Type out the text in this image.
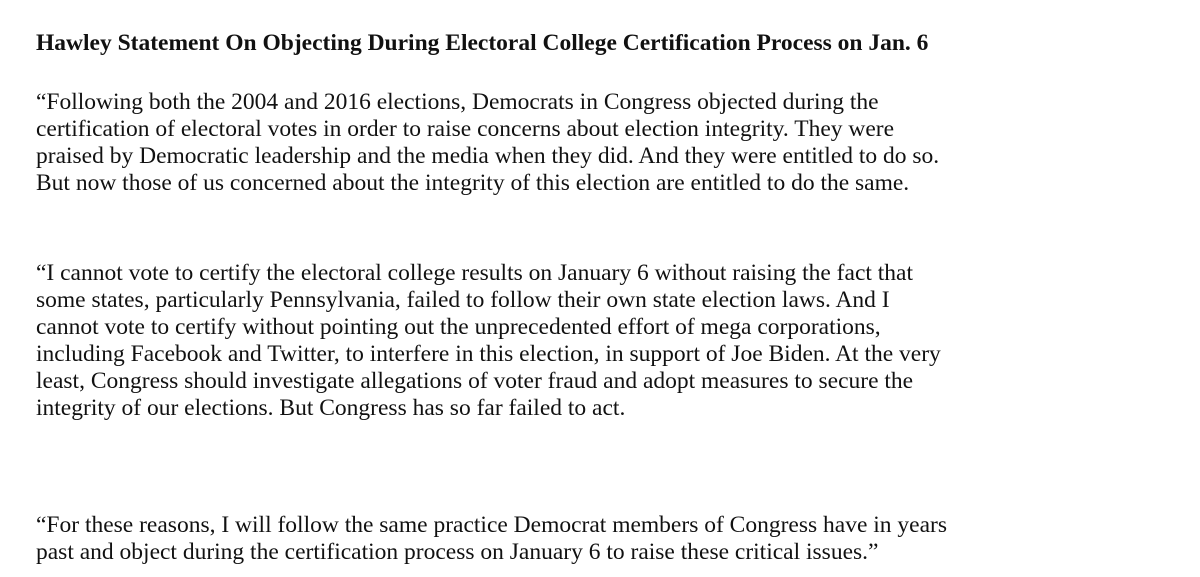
Hawley Statement On Objecting During Electoral College Certification Process on Jan. 6

“Following both the 2004 and 2016 elections, Democrats in Congress objected during the
certification of electoral votes in order to raise concerns about election integrity. They were
praised by Democratic leadership and the media when they did. And they were entitled to do so.
But now those of us concerned about the integrity of this election are entitled to do the same.

“I cannot vote to certify the electoral college results on January 6 without raising the fact that
some states, particularly Pennsylvania, failed to follow their own state election laws. And I
cannot vote to certify without pointing out the unprecedented effort of mega corporations,
including Facebook and Twitter, to interfere in this election, in support of Joe Biden. At the very
least, Congress should investigate allegations of voter fraud and adopt measures to secure the
integrity of our elections. But Congress has so far failed to act.

“For these reasons, I will follow the same practice Democrat members of Congress have in years
past and object during the certification process on January 6 to raise these critical issues.”
